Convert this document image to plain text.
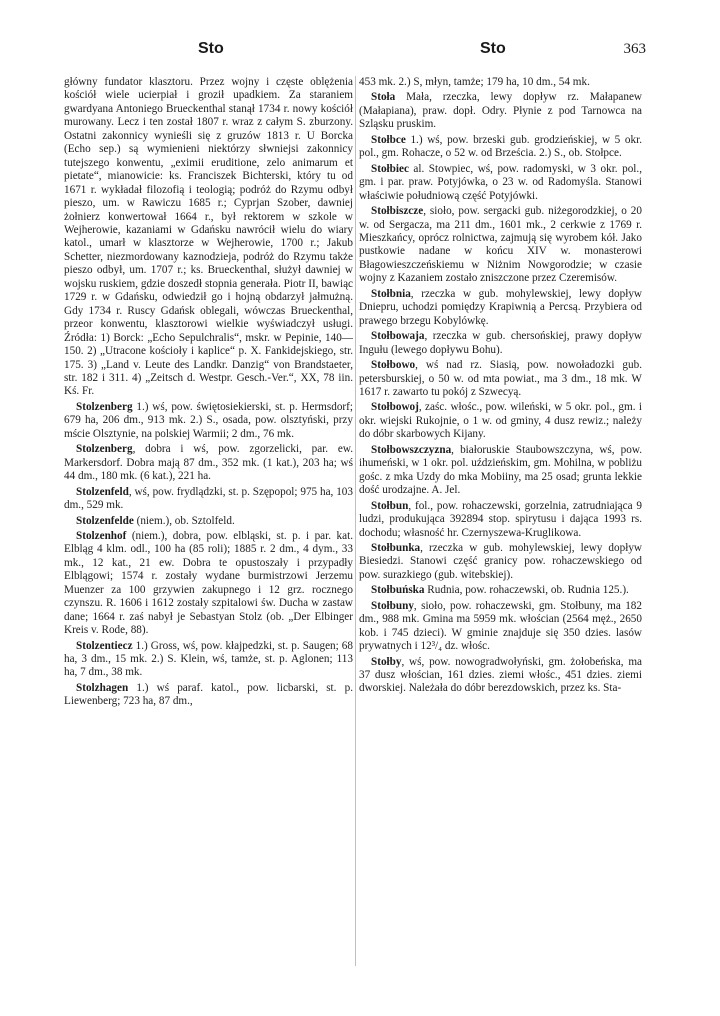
Sto	Sto	363

główny fundator klasztoru. Przez wojny i częste oblężenia kościół wiele ucierpiał i groził upadkiem. Za staraniem gwardyana Antoniego Brueckenthal stanął 1734 r. nowy kościół murowany. Lecz i ten został 1807 r. wraz z całym S. zburzony. Ostatni zakonnicy wynieśli się z gruzów 1813 r. U Borcka (Echo sep.) są wymienieni niektórzy słwniejsi zakonnicy tutejszego konwentu, „eximii eruditione, zelo animarum et pietate“, mianowicie: ks. Franciszek Bichterski, który tu od 1671 r. wykładał filozofią i teologią; podróż do Rzymu odbył pieszo, um. w Rawiczu 1685 r.; Cyprjan Szober, dawniej żołnierz konwertował 1664 r., był rektorem w szkole w Wejherowie, kazaniami w Gdańsku nawrócił wielu do wiary katol., umarł w klasztorze w Wejherowie, 1700 r.; Jakub Schetter, niezmordowany kaznodzieja, podróż do Rzymu także pieszo odbył, um. 1707 r.; ks. Brueckenthal, służył dawniej w wojsku ruskiem, gdzie doszedł stopnia generała. Piotr II, bawiąc 1729 r. w Gdańsku, odwiedził go i hojną obdarzył jałmużną. Gdy 1734 r. Ruscy Gdańsk oblegali, wówczas Brueckenthal, przeor konwentu, klasztorowi wielkie wyświadczył usługi. Źródła: 1) Borck: „Echo Sepulchralis“, mskr. w Pepinie, 140—150. 2) „Utracone kościoły i kaplice“ p. X. Fankidejskiego, str. 175. 3) „Land v. Leute des Landkr. Danzig“ von Brandstaeter, str. 182 i 311. 4) „Zeitsch d. Westpr. Gesch.-Ver.“, XX, 78 iin. Kś. Fr.

Stolzenberg 1.) wś, pow. świętosiekierski, st. p. Hermsdorf; 679 ha, 206 dm., 913 mk. 2.) S., osada, pow. olsztyński, przy mście Olsztynie, na polskiej Warmii; 2 dm., 76 mk.

Stolzenberg, dobra i wś, pow. zgorzelicki, par. ew. Markersdorf. Dobra mają 87 dm., 352 mk. (1 kat.), 203 ha; wś 44 dm., 180 mk. (6 kat.), 221 ha.

Stolzenfeld, wś, pow. frydlądzki, st. p. Szępopol; 975 ha, 103 dm., 529 mk.

Stolzenfelde (niem.), ob. Sztolfeld.

Stolzenhof (niem.), dobra, pow. elbląski, st. p. i par. kat. Elbląg 4 klm. odl., 100 ha (85 roli); 1885 r. 2 dm., 4 dym., 33 mk., 12 kat., 21 ew. Dobra te opustoszały i przypadły Elblągowi; 1574 r. zostały wydane burmistrzowi Jerzemu Muenzer za 100 grzywien zakupnego i 12 grz. rocznego czynszu. R. 1606 i 1612 zostały szpitalowi św. Ducha w zastaw dane; 1664 r. zaś nabył je Sebastyan Stolz (ob. „Der Elbinger Kreis v. Rode, 88).

Stolzentiecz 1.) Gross, wś, pow. kłajpedzki, st. p. Saugen; 68 ha, 3 dm., 15 mk. 2.) S. Klein, wś, tamże, st. p. Aglonen; 113 ha, 7 dm., 38 mk.

Stolzhagen 1.) wś paraf. katol., pow. licbarski, st. p. Liewenberg; 723 ha, 87 dm.,

453 mk. 2.) S, młyn, tamże; 179 ha, 10 dm., 54 mk.

Stoła Mała, rzeczka, lewy dopływ rz. Małapanew (Małapiana), praw. dopł. Odry. Płynie z pod Tarnowca na Szląsku pruskim.

Stołbce 1.) wś, pow. brzeski gub. grodzieńskiej, w 5 okr. pol., gm. Rohacze, o 52 w. od Brześcia. 2.) S., ob. Stołpce.

Stołbiec al. Stowpiec, wś, pow. radomyski, w 3 okr. pol., gm. i par. praw. Potyjówka, o 23 w. od Radomyśla. Stanowi właściwie południową część Potyjówki.

Stołbiszcze, sioło, pow. sergacki gub. niżegorodzkiej, o 20 w. od Sergacza, ma 211 dm., 1601 mk., 2 cerkwie z 1769 r. Mieszkańcy, oprócz rolnictwa, zajmują się wyrobem kół. Jako pustkowie nadane w końcu XIV w. monasterowi Błagowieszczeńskiemu w Niżnim Nowgorodzie; w czasie wojny z Kazaniem zostało zniszczone przez Czeremisów.

Stołbnia, rzeczka w gub. mohylewskiej, lewy dopływ Dniepru, uchodzi pomiędzy Krapiwnią a Percsą. Przybiera od prawego brzegu Kobylówkę.

Stołbowaja, rzeczka w gub. chersońskiej, prawy dopływ Ingułu (lewego dopływu Bohu).

Stołbowo, wś nad rz. Siasią, pow. nowoładozki gub. petersburskiej, o 50 w. od mta powiat., ma 3 dm., 18 mk. W 1617 r. zawarto tu pokój z Szwecyą.

Stołbowoj, zaśc. włośc., pow. wileński, w 5 okr. pol., gm. i okr. wiejski Rukojnie, o 1 w. od gminy, 4 dusz rewiz.; należy do dóbr skarbowych Kijany.

Stołbowszczyzna, białoruskie Staubowszczyna, wś, pow. ihumeński, w 1 okr. pol. uździeńskim, gm. Mohilna, w pobliżu gośc. z mka Uzdy do mka Mobiiny, ma 25 osad; grunta lekkie dość urodzajne. A. Jel.

Stołbun, fol., pow. rohaczewski, gorzelnia, zatrudniająca 9 ludzi, produkująca 392894 stop. spirytusu i dająca 1993 rs. dochodu; własność hr. Czernyszewa-Kruglikowa.

Stołbunka, rzeczka w gub. mohylewskiej, lewy dopływ Biesiedzi. Stanowi część granicy pow. rohaczewskiego od pow. surazkiego (gub. witebskiej).

Stołbuńska Rudnia, pow. rohaczewski, ob. Rudnia 125.).

Stołbuny, sioło, pow. rohaczewski, gm. Stołbuny, ma 182 dm., 988 mk. Gmina ma 5959 mk. włościan (2564 męż., 2650 kob. i 745 dzieci). W gminie znajduje się 350 dzies. lasów prywatnych i 12³/₄ dz. włośc.

Stołby, wś, pow. nowogradwołyński, gm. żołobeńska, ma 37 dusz włościan, 161 dzies. ziemi włośc., 451 dzies. ziemi dworskiej. Należała do dóbr berezdowskich, przez ks. Sta-
